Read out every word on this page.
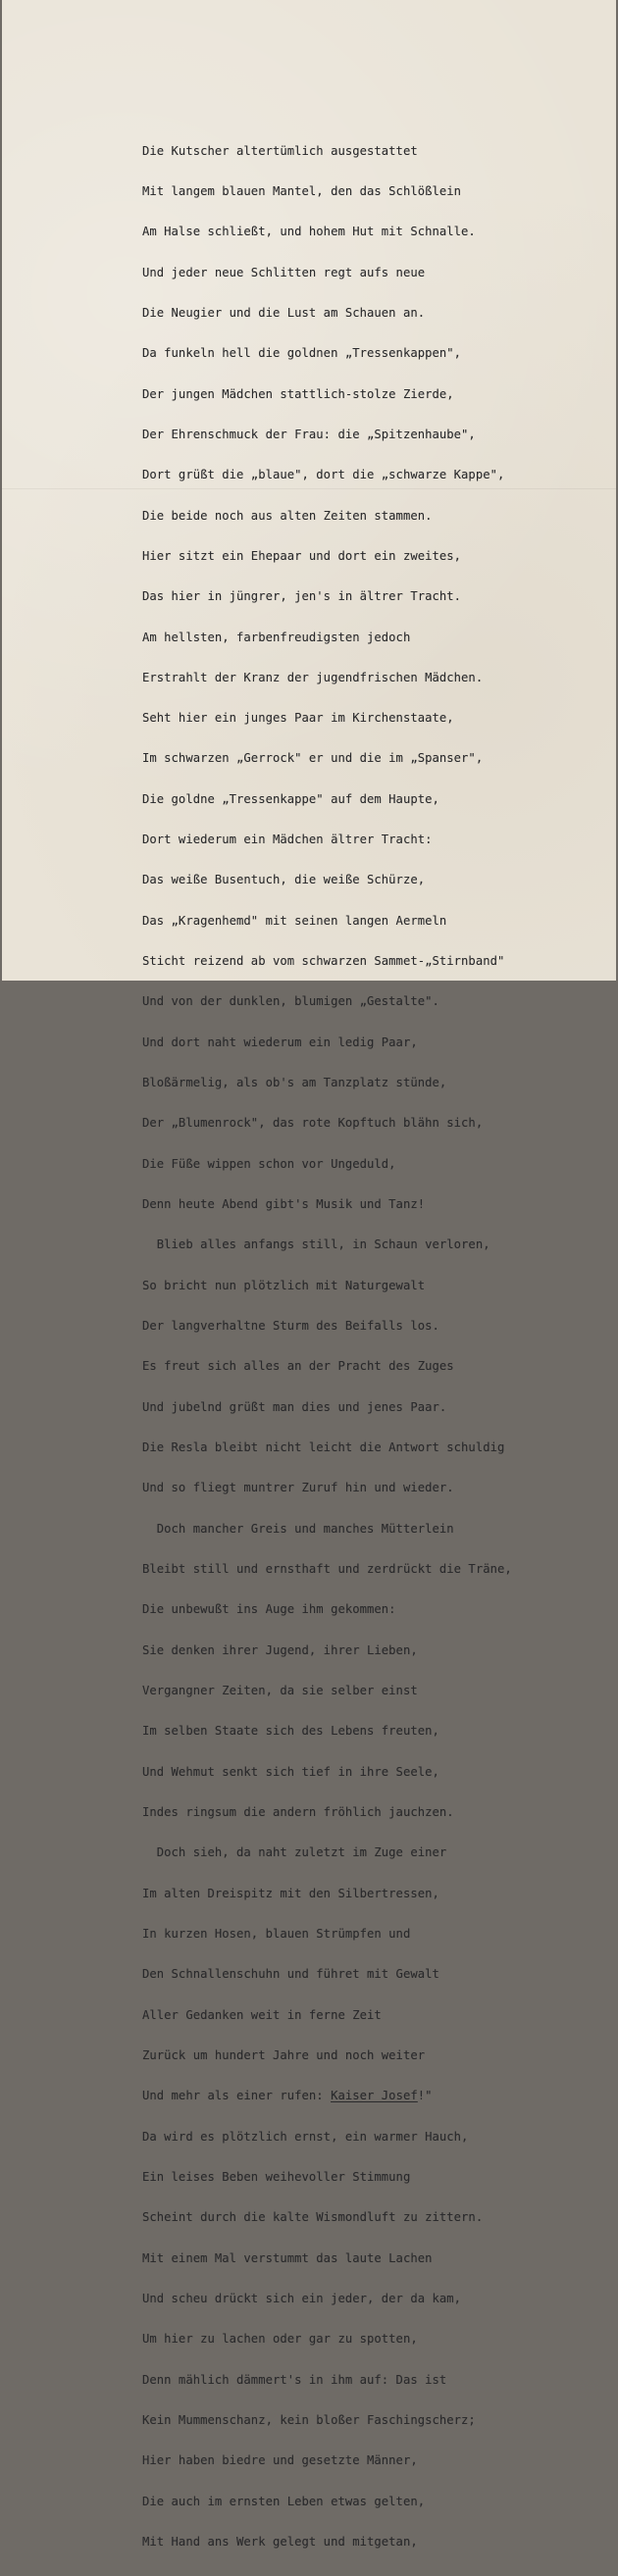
Die Kutscher altertümlich ausgestattet

Mit langem blauen Mantel, den das Schlößlein

Am Halse schließt, und hohem Hut mit Schnalle.

Und jeder neue Schlitten regt aufs neue

Die Neugier und die Lust am Schauen an.

Da funkeln hell die goldnen „Tressenkappen",

Der jungen Mädchen stattlich-stolze Zierde,

Der Ehrenschmuck der Frau: die „Spitzenhaube",

Dort grüßt die „blaue", dort die „schwarze Kappe",

Die beide noch aus alten Zeiten stammen.

Hier sitzt ein Ehepaar und dort ein zweites,

Das hier in jüngrer, jen's in ältrer Tracht.

Am hellsten, farbenfreudigsten jedoch

Erstrahlt der Kranz der jugendfrischen Mädchen.

Seht hier ein junges Paar im Kirchenstaate,

Im schwarzen „Gerrock" er und die im „Spanser",

Die goldne „Tressenkappe" auf dem Haupte,

Dort wiederum ein Mädchen ältrer Tracht:

Das weiße Busentuch, die weiße Schürze,

Das „Kragenhemd" mit seinen langen Aermeln

Sticht reizend ab vom schwarzen Sammet-„Stirnband"

Und von der dunklen, blumigen „Gestalte".

Und dort naht wiederum ein ledig Paar,

Bloßärmelig, als ob's am Tanzplatz stünde,

Der „Blumenrock", das rote Kopftuch blähn sich,

Die Füße wippen schon vor Ungeduld,

Denn heute Abend gibt's Musik und Tanz!

Blieb alles anfangs still, in Schaun verloren,

So bricht nun plötzlich mit Naturgewalt

Der langverhaltne Sturm des Beifalls los.

Es freut sich alles an der Pracht des Zuges

Und jubelnd grüßt man dies und jenes Paar.

Die Resla bleibt nicht leicht die Antwort schuldig

Und so fliegt muntrer Zuruf hin und wieder.

Doch mancher Greis und manches Mütterlein

Bleibt still und ernsthaft und zerdrückt die Träne,

Die unbewußt ins Auge ihm gekommen:

Sie denken ihrer Jugend, ihrer Lieben,

Vergangner Zeiten, da sie selber einst

Im selben Staate sich des Lebens freuten,

Und Wehmut senkt sich tief in ihre Seele,

Indes ringsum die andern fröhlich jauchzen.

Doch sieh, da naht zuletzt im Zuge einer

Im alten Dreispitz mit den Silbertressen,

In kurzen Hosen, blauen Strümpfen und

Den Schnallenschuhn und führet mit Gewalt

Aller Gedanken weit in ferne Zeit

Zurück um hundert Jahre und noch weiter

Und mehr als einer rufen: Kaiser Josef!"

Da wird es plötzlich ernst, ein warmer Hauch,

Ein leises Beben weihevoller Stimmung

Scheint durch die kalte Wismondluft zu zittern.

Mit einem Mal verstummt das laute Lachen

Und scheu drückt sich ein jeder, der da kam,

Um hier zu lachen oder gar zu spotten,

Denn mählich dämmert's in ihm auf: Das ist

Kein Mummenschanz, kein bloßer Faschingscherz;

Hier haben biedre und gesetzte Männer,

Die auch im ernsten Leben etwas gelten,

Mit Hand ans Werk gelegt und mitgetan,
